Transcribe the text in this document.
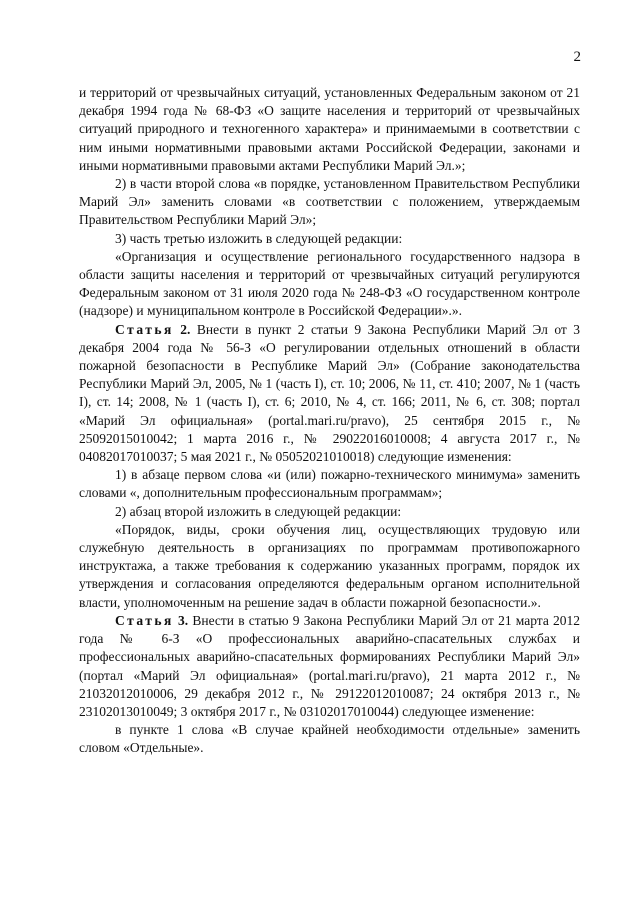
2

и территорий от чрезвычайных ситуаций, установленных Федеральным законом от 21 декабря 1994 года № 68-ФЗ «О защите населения и территорий от чрезвычайных ситуаций природного и техногенного характера» и принимаемыми в соответствии с ним иными нормативными правовыми актами Российской Федерации, законами и иными нормативными правовыми актами Республики Марий Эл.»;

2) в части второй слова «в порядке, установленном Правительством Республики Марий Эл» заменить словами «в соответствии с положением, утверждаемым Правительством Республики Марий Эл»;

3) часть третью изложить в следующей редакции:

«Организация и осуществление регионального государственного надзора в области защиты населения и территорий от чрезвычайных ситуаций регулируются Федеральным законом от 31 июля 2020 года № 248-ФЗ «О государственном контроле (надзоре) и муниципальном контроле в Российской Федерации».».

Статья 2. Внести в пункт 2 статьи 9 Закона Республики Марий Эл от 3 декабря 2004 года № 56-З «О регулировании отдельных отношений в области пожарной безопасности в Республике Марий Эл» (Собрание законодательства Республики Марий Эл, 2005, № 1 (часть I), ст. 10; 2006, № 11, ст. 410; 2007, № 1 (часть I), ст. 14; 2008, № 1 (часть I), ст. 6; 2010, № 4, ст. 166; 2011, № 6, ст. 308; портал «Марий Эл официальная» (portal.mari.ru/pravo), 25 сентября 2015 г., № 25092015010042; 1 марта 2016 г., № 29022016010008; 4 августа 2017 г., № 04082017010037; 5 мая 2021 г., № 05052021010018) следующие изменения:

1) в абзаце первом слова «и (или) пожарно-технического минимума» заменить словами «, дополнительным профессиональным программам»;

2) абзац второй изложить в следующей редакции:

«Порядок, виды, сроки обучения лиц, осуществляющих трудовую или служебную деятельность в организациях по программам противопожарного инструктажа, а также требования к содержанию указанных программ, порядок их утверждения и согласования определяются федеральным органом исполнительной власти, уполномоченным на решение задач в области пожарной безопасности.».

Статья 3. Внести в статью 9 Закона Республики Марий Эл от 21 марта 2012 года № 6-З «О профессиональных аварийно-спасательных службах и профессиональных аварийно-спасательных формированиях Республики Марий Эл» (портал «Марий Эл официальная» (portal.mari.ru/pravo), 21 марта 2012 г., № 21032012010006, 29 декабря 2012 г., № 29122012010087; 24 октября 2013 г., № 23102013010049; 3 октября 2017 г., № 03102017010044) следующее изменение:

в пункте 1 слова «В случае крайней необходимости отдельные» заменить словом «Отдельные».
